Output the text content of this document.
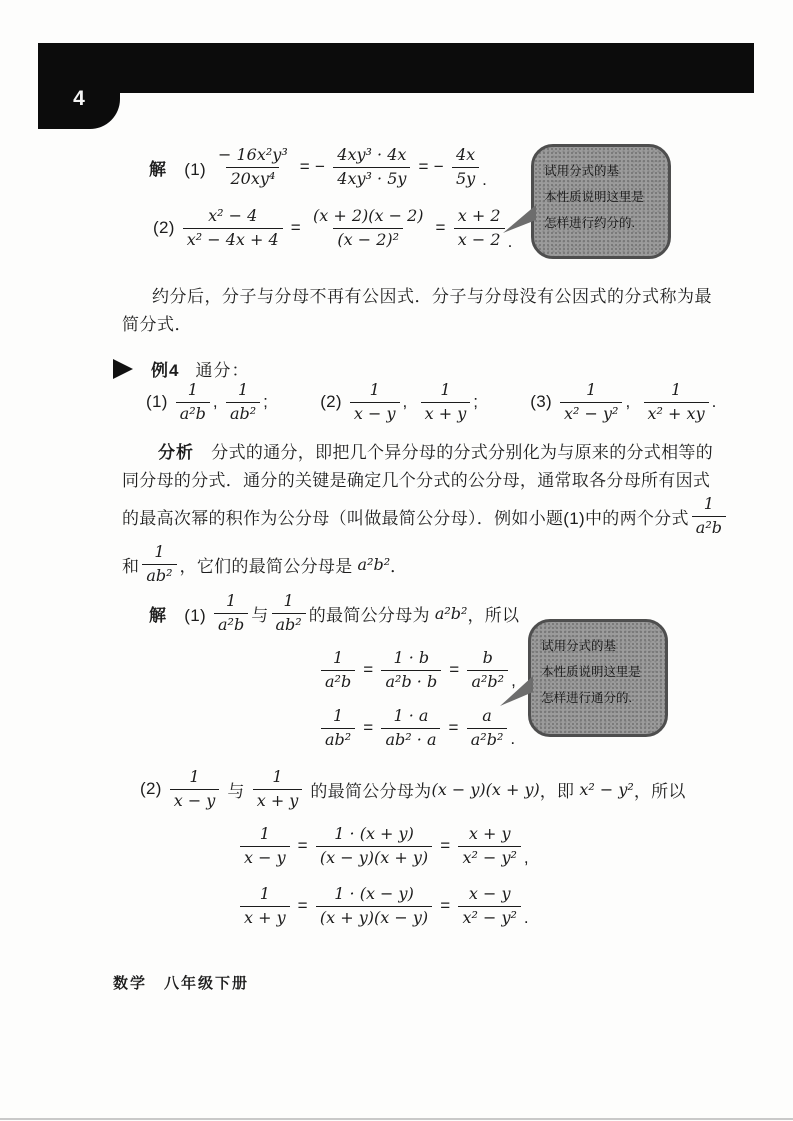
4
解 　$(1) \frac{\text{− 16x²y³}}{\text{20xy⁴}}$ = − $\frac{\text{4xy³ · 4x}}{\text{4xy³ · 5y}}$ = − $\frac{4x}{5y}$ .
$(2) \frac{\text{x² − 4}}{\text{x² − 4x + 4}} = \frac{(x + 2)(x - 2)}{\text{(x − 2)²}} = \frac{x + 2}{x - 2}$ .
试用分式的基
本性质说明这里是
怎样进行约分的.
约分后，分子与分母不再有公因式．分子与分母没有公因式的分式称为最
简分式．
例4 通分：
$(1) \frac{1}{\text{a²b}}$ , $\frac{1}{\text{ab²}}$ ;	$(2) \frac{1}{x - y}$ , $\frac{1}{x + y}$ ;	$(3) \frac{1}{\text{x² − y²}}$ , $\frac{1}{\text{x² + xy}}$ .
　　分析 　分式的通分，即把几个异分母的分式分别化为与原来的分式相等的
同分母的分式．通分的关键是确定几个分式的公分母，通常取各分母所有因式
的最高次幂的积作为公分母（叫做最简公分母）．例如小题(1)中的两个分式 $\frac{1}{\text{a²b}}$
和 $\frac{1}{\text{ab²}}$ ，它们的最简公分母是 a²b² ．
解 　$(1) \frac{1}{\text{a²b}}$ 与 $\frac{1}{\text{ab²}}$ 的最简公分母为 a²b² ，所以
$\frac{1}{\text{a²b}} = \frac{1 \cdot b}{\text{a²b · b}} = \frac{b}{\text{a²b²}}$ ,
$\frac{1}{\text{ab²}} = \frac{1 \cdot a}{\text{ab² · a}} = \frac{a}{\text{a²b²}}$ .
试用分式的基
本性质说明这里是
怎样进行通分的.
$(2) \frac{1}{x - y}$ 与 $\frac{1}{x + y}$ 的最简公分母为 (x − y)(x + y) ，即 x² − y² ，所以
$\frac{1}{x - y} = \frac{1 \cdot (x + y)}{(x - y)(x + y)} = \frac{x + y}{\text{x² − y²}}$ ,
$\frac{1}{x + y} = \frac{1 \cdot (x - y)}{(x + y)(x - y)} = \frac{x - y}{\text{x² − y²}}$ .
数学　八年级下册
